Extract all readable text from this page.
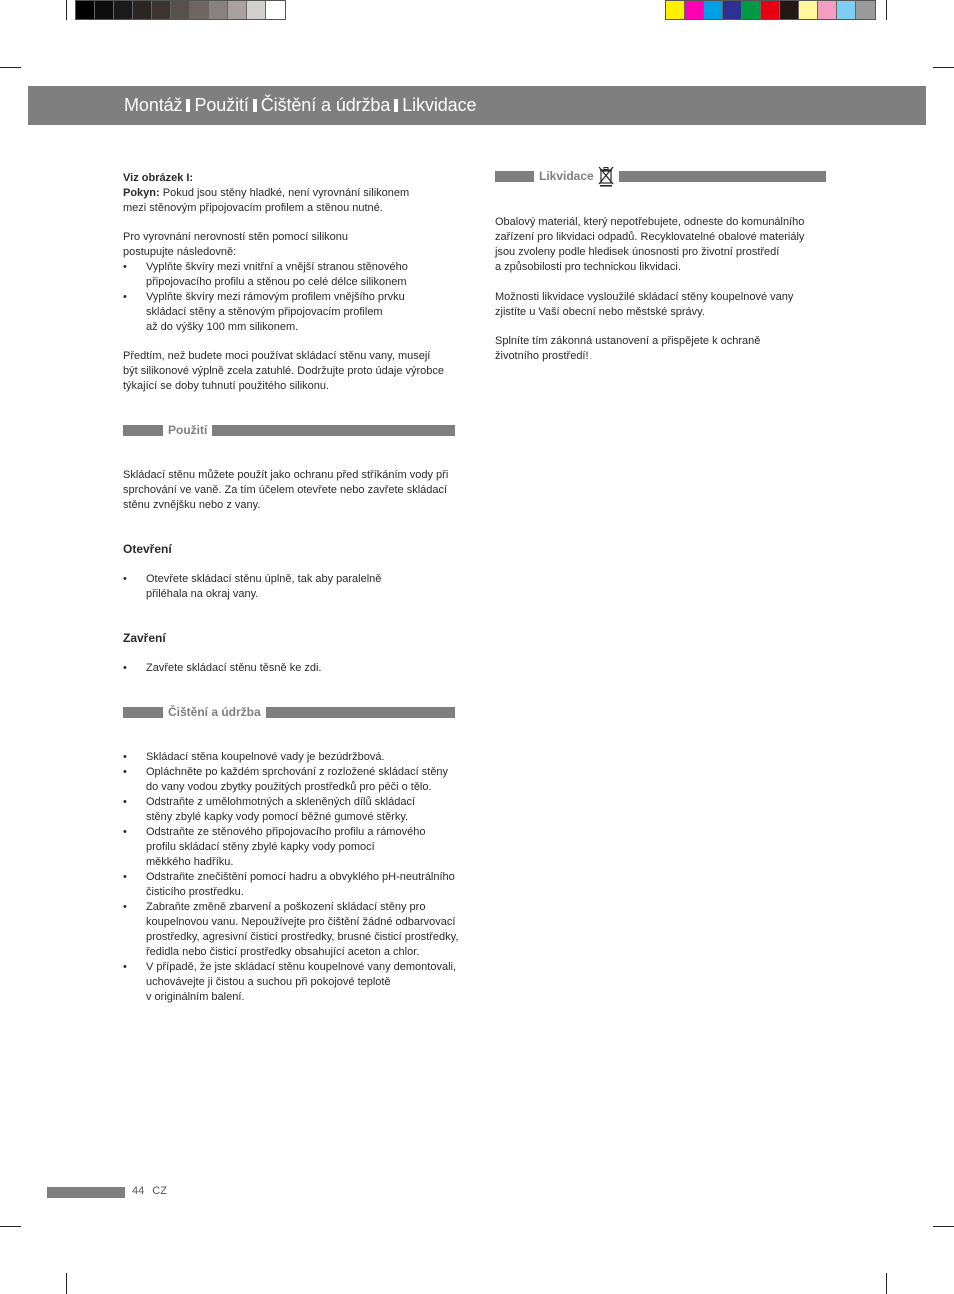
Montáž Použití Čištění a údržba Likvidace

Viz obrázek I:

Pokyn: Pokud jsou stěny hladké, není vyrovnání silikonem

mezi stěnovým připojovacím profilem a stěnou nutné.

Pro vyrovnání nerovností stěn pomocí silikonu

postupujte následovně:

• Vyplňte škvíry mezi vnitřní a vnější stranou stěnového
připojovacího profilu a stěnou po celé délce silikonem
• Vyplňte škvíry mezi rámovým profilem vnějšího prvku
skládací stěny a stěnovým připojovacím profilem
až do výšky 100 mm silikonem.

Předtím, než budete moci používat skládací stěnu vany, musejí

být silikonové výplně zcela zatuhlé. Dodržujte proto údaje výrobce

týkající se doby tuhnutí použitého silikonu.

Použití

Skládací stěnu můžete použít jako ochranu před stříkáním vody při

sprchování ve vaně. Za tím účelem otevřete nebo zavřete skládací

stěnu zvnějšku nebo z vany.

Otevření
• Otevřete skládací stěnu úplně, tak aby paralelně
přiléhala na okraj vany.
Zavření
• Zavřete skládací stěnu těsně ke zdi.
Čištění a údržba
• Skládací stěna koupelnové vady je bezúdržbová.
• Opláchněte po každém sprchování z rozložené skládací stěny
do vany vodou zbytky použitých prostředků pro péči o tělo.
• Odstraňte z umělohmotných a skleněných dílů skládací
stěny zbylé kapky vody pomocí běžné gumové stěrky.
• Odstraňte ze stěnového připojovacího profilu a rámového
profilu skládací stěny zbylé kapky vody pomocí
měkkého hadříku.
• Odstraňte znečištění pomocí hadru a obvyklého pH-neutrálního
čisticího prostředku.
• Zabraňte změně zbarvení a poškození skládací stěny pro
koupelnovou vanu. Nepoužívejte pro čištění žádné odbarvovací
prostředky, agresivní čisticí prostředky, brusné čisticí prostředky,
ředidla nebo čisticí prostředky obsahující aceton a chlor.
• V případě, že jste skládací stěnu koupelnové vany demontovali,
uchovávejte ji čistou a suchou při pokojové teplotě
v originálním balení.
Likvidace

Obalový materiál, který nepotřebujete, odneste do komunálního

zařízení pro likvidaci odpadů. Recyklovatelné obalové materiály

jsou zvoleny podle hledisek únosnosti pro životní prostředí

a způsobilosti pro technickou likvidaci.

Možnosti likvidace vysloužilé skládací stěny koupelnové vany

zjistíte u Vaší obecní nebo městské správy.

Splníte tím zákonná ustanovení a přispějete k ochraně

životního prostředí!

44 CZ
